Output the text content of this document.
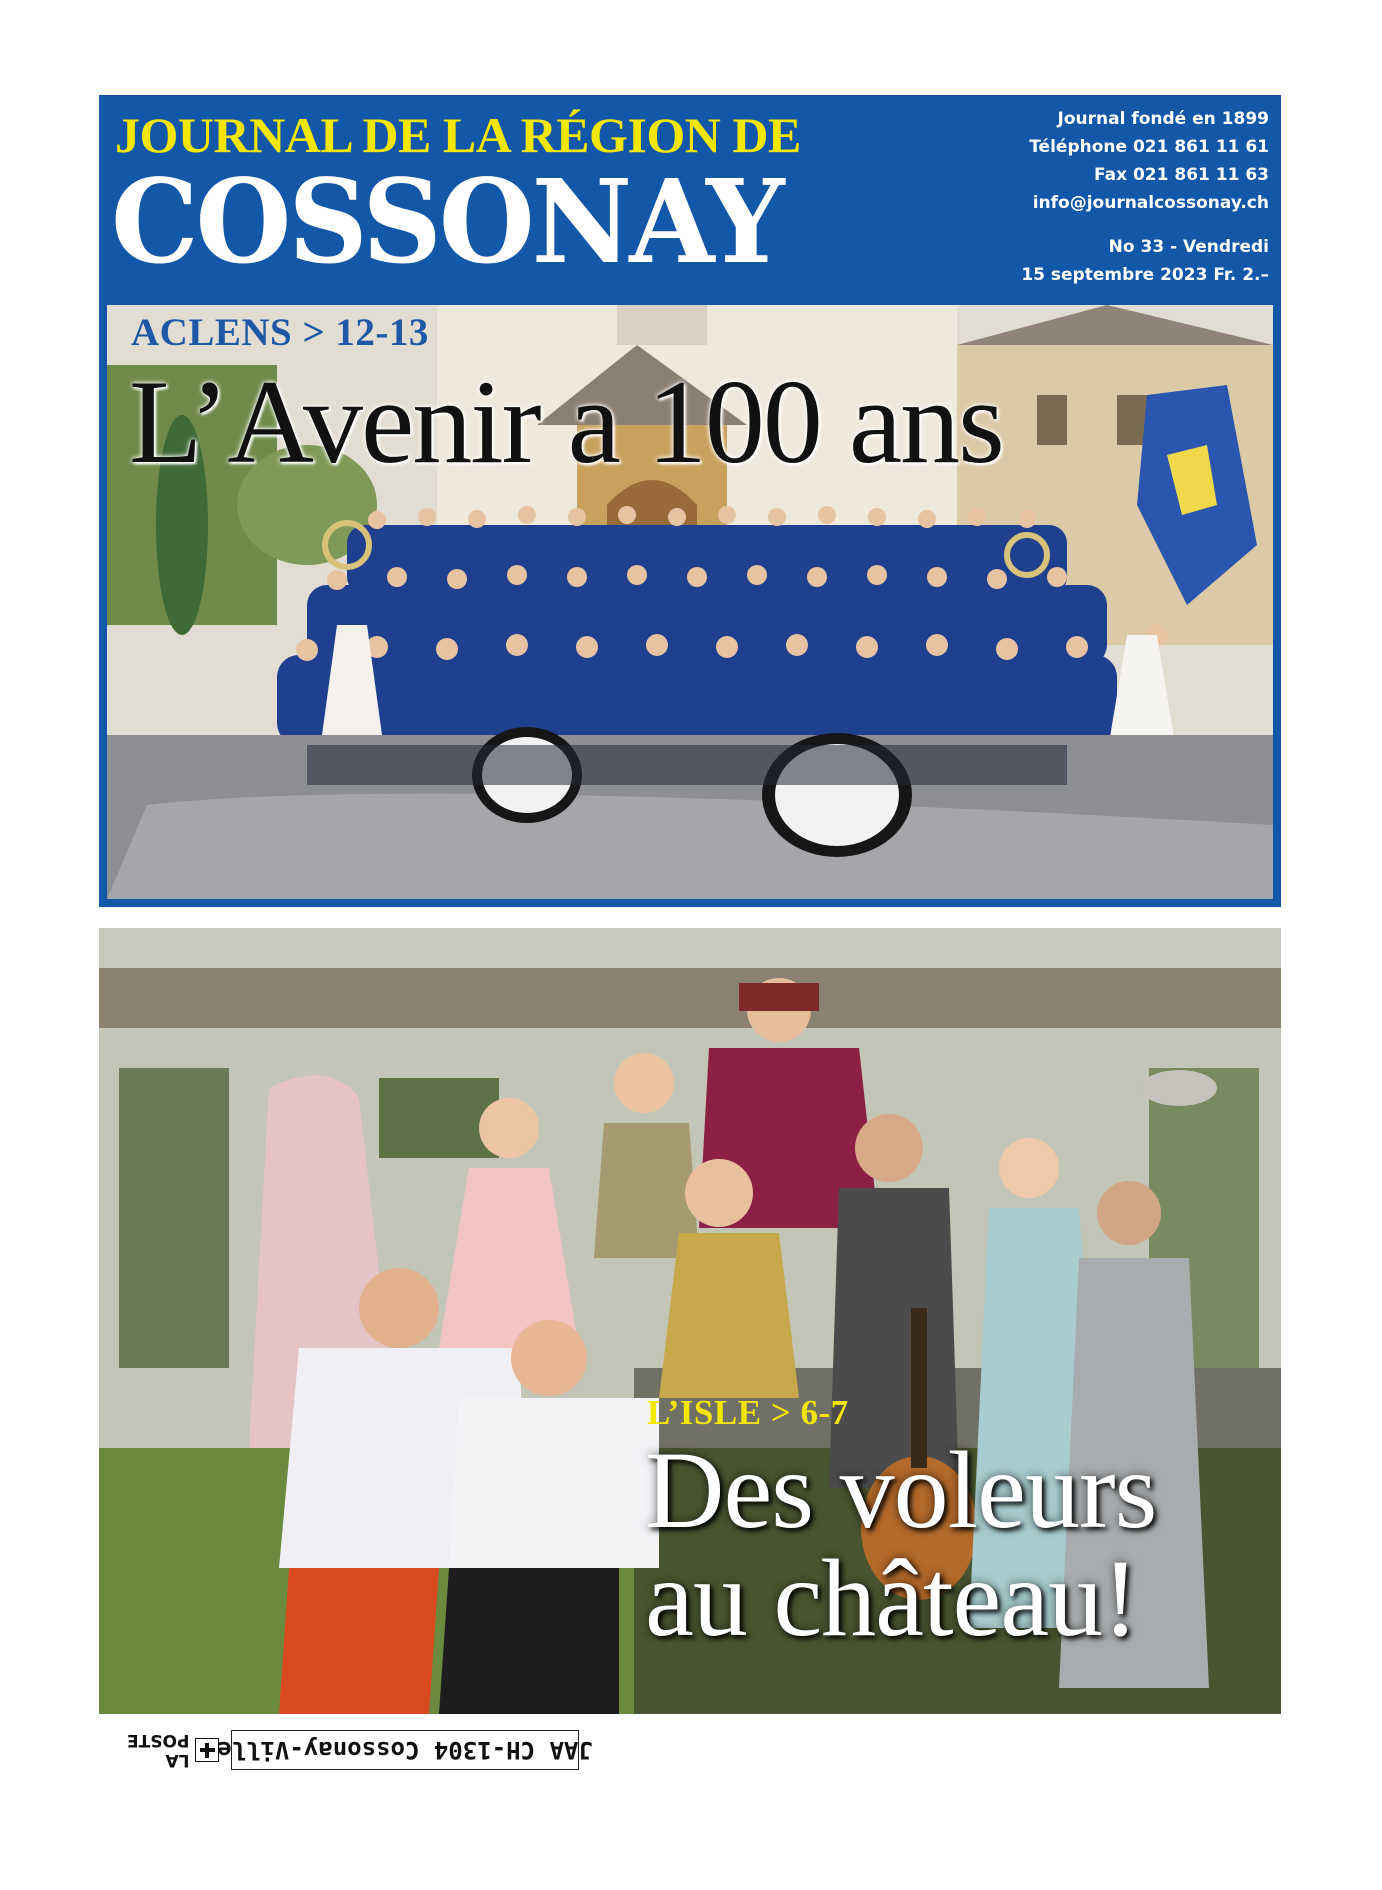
JOURNAL DE LA RÉGION DE
COSSONAY
Journal fondé en 1899
Téléphone 021 861 11 61
Fax 021 861 11 63
info@journalcossonay.ch
No 33 - Vendredi
15 septembre 2023 Fr. 2.–
ACLENS > 12-13
L’Avenir a 100 ans
L’ISLE > 6-7
Des voleurs
au château!
JAA CH-1304 Cossonay-Ville
LA POSTE
